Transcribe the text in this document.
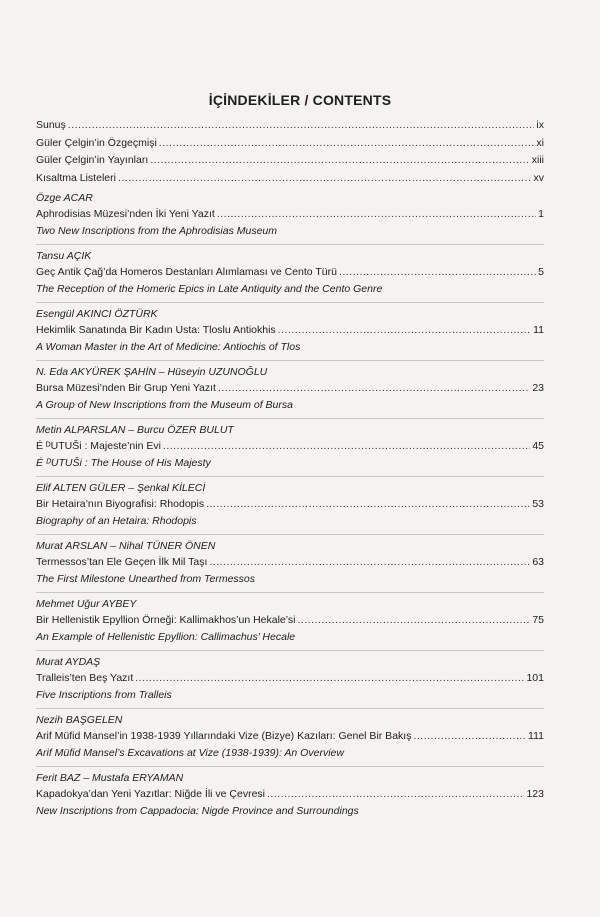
İÇİNDEKİLER / CONTENTS
Sunuş .....	ix
Güler Çelgin’in Özgeçmişi .....	xi
Güler Çelgin’in Yayınları .....	xiii
Kısaltma Listeleri .....	xv
Özge ACAR
Aphrodisias Müzesi’nden İki Yeni Yazıt .....	1
Two New Inscriptions from the Aphrodisias Museum
Tansu AÇIK
Geç Antik Çağ’da Homeros Destanları Alımlaması ve Cento Türü .....	5
The Reception of the Homeric Epics in Late Antiquity and the Cento Genre
Esengül AKINCI ÖZTÜRK
Hekimlik Sanatında Bir Kadın Usta: Tloslu Antiokhis .....	11
A Woman Master in the Art of Medicine: Antiochis of Tlos
N. Eda AKYÜREK ŞAHİN – Hüseyin UZUNOĞLU
Bursa Müzesi’nden Bir Grup Yeni Yazıt .....	23
A Group of New Inscriptions from the Museum of Bursa
Metin ALPARSLAN – Burcu ÖZER BULUT
É ᴰUTUŠi : Majeste’nin Evi .....	45
É ᴰUTUŠi : The House of His Majesty
Elif ALTEN GÜLER – Şenkal KİLECİ
Bir Hetaira’nın Biyografisi: Rhodopis .....	53
Biography of an Hetaira: Rhodopis
Murat ARSLAN – Nihal TÜNER ÖNEN
Termessos’tan Ele Geçen İlk Mil Taşı .....	63
The First Milestone Unearthed from Termessos
Mehmet Uğur AYBEY
Bir Hellenistik Epyllion Örneği: Kallimakhos’un Hekale’si .....	75
An Example of Hellenistic Epyllion: Callimachus’ Hecale
Murat AYDAŞ
Tralleis’ten Beş Yazıt .....	101
Five Inscriptions from Tralleis
Nezih BAŞGELEN
Arif Müfid Mansel’in 1938-1939 Yıllarındaki Vize (Bizye) Kazıları: Genel Bir Bakış .....	111
Arif Müfid Mansel’s Excavations at Vize (1938-1939): An Overview
Ferit BAZ – Mustafa ERYAMAN
Kapadokya’dan Yeni Yazıtlar: Niğde İli ve Çevresi .....	123
New Inscriptions from Cappadocia: Nigde Province and Surroundings
